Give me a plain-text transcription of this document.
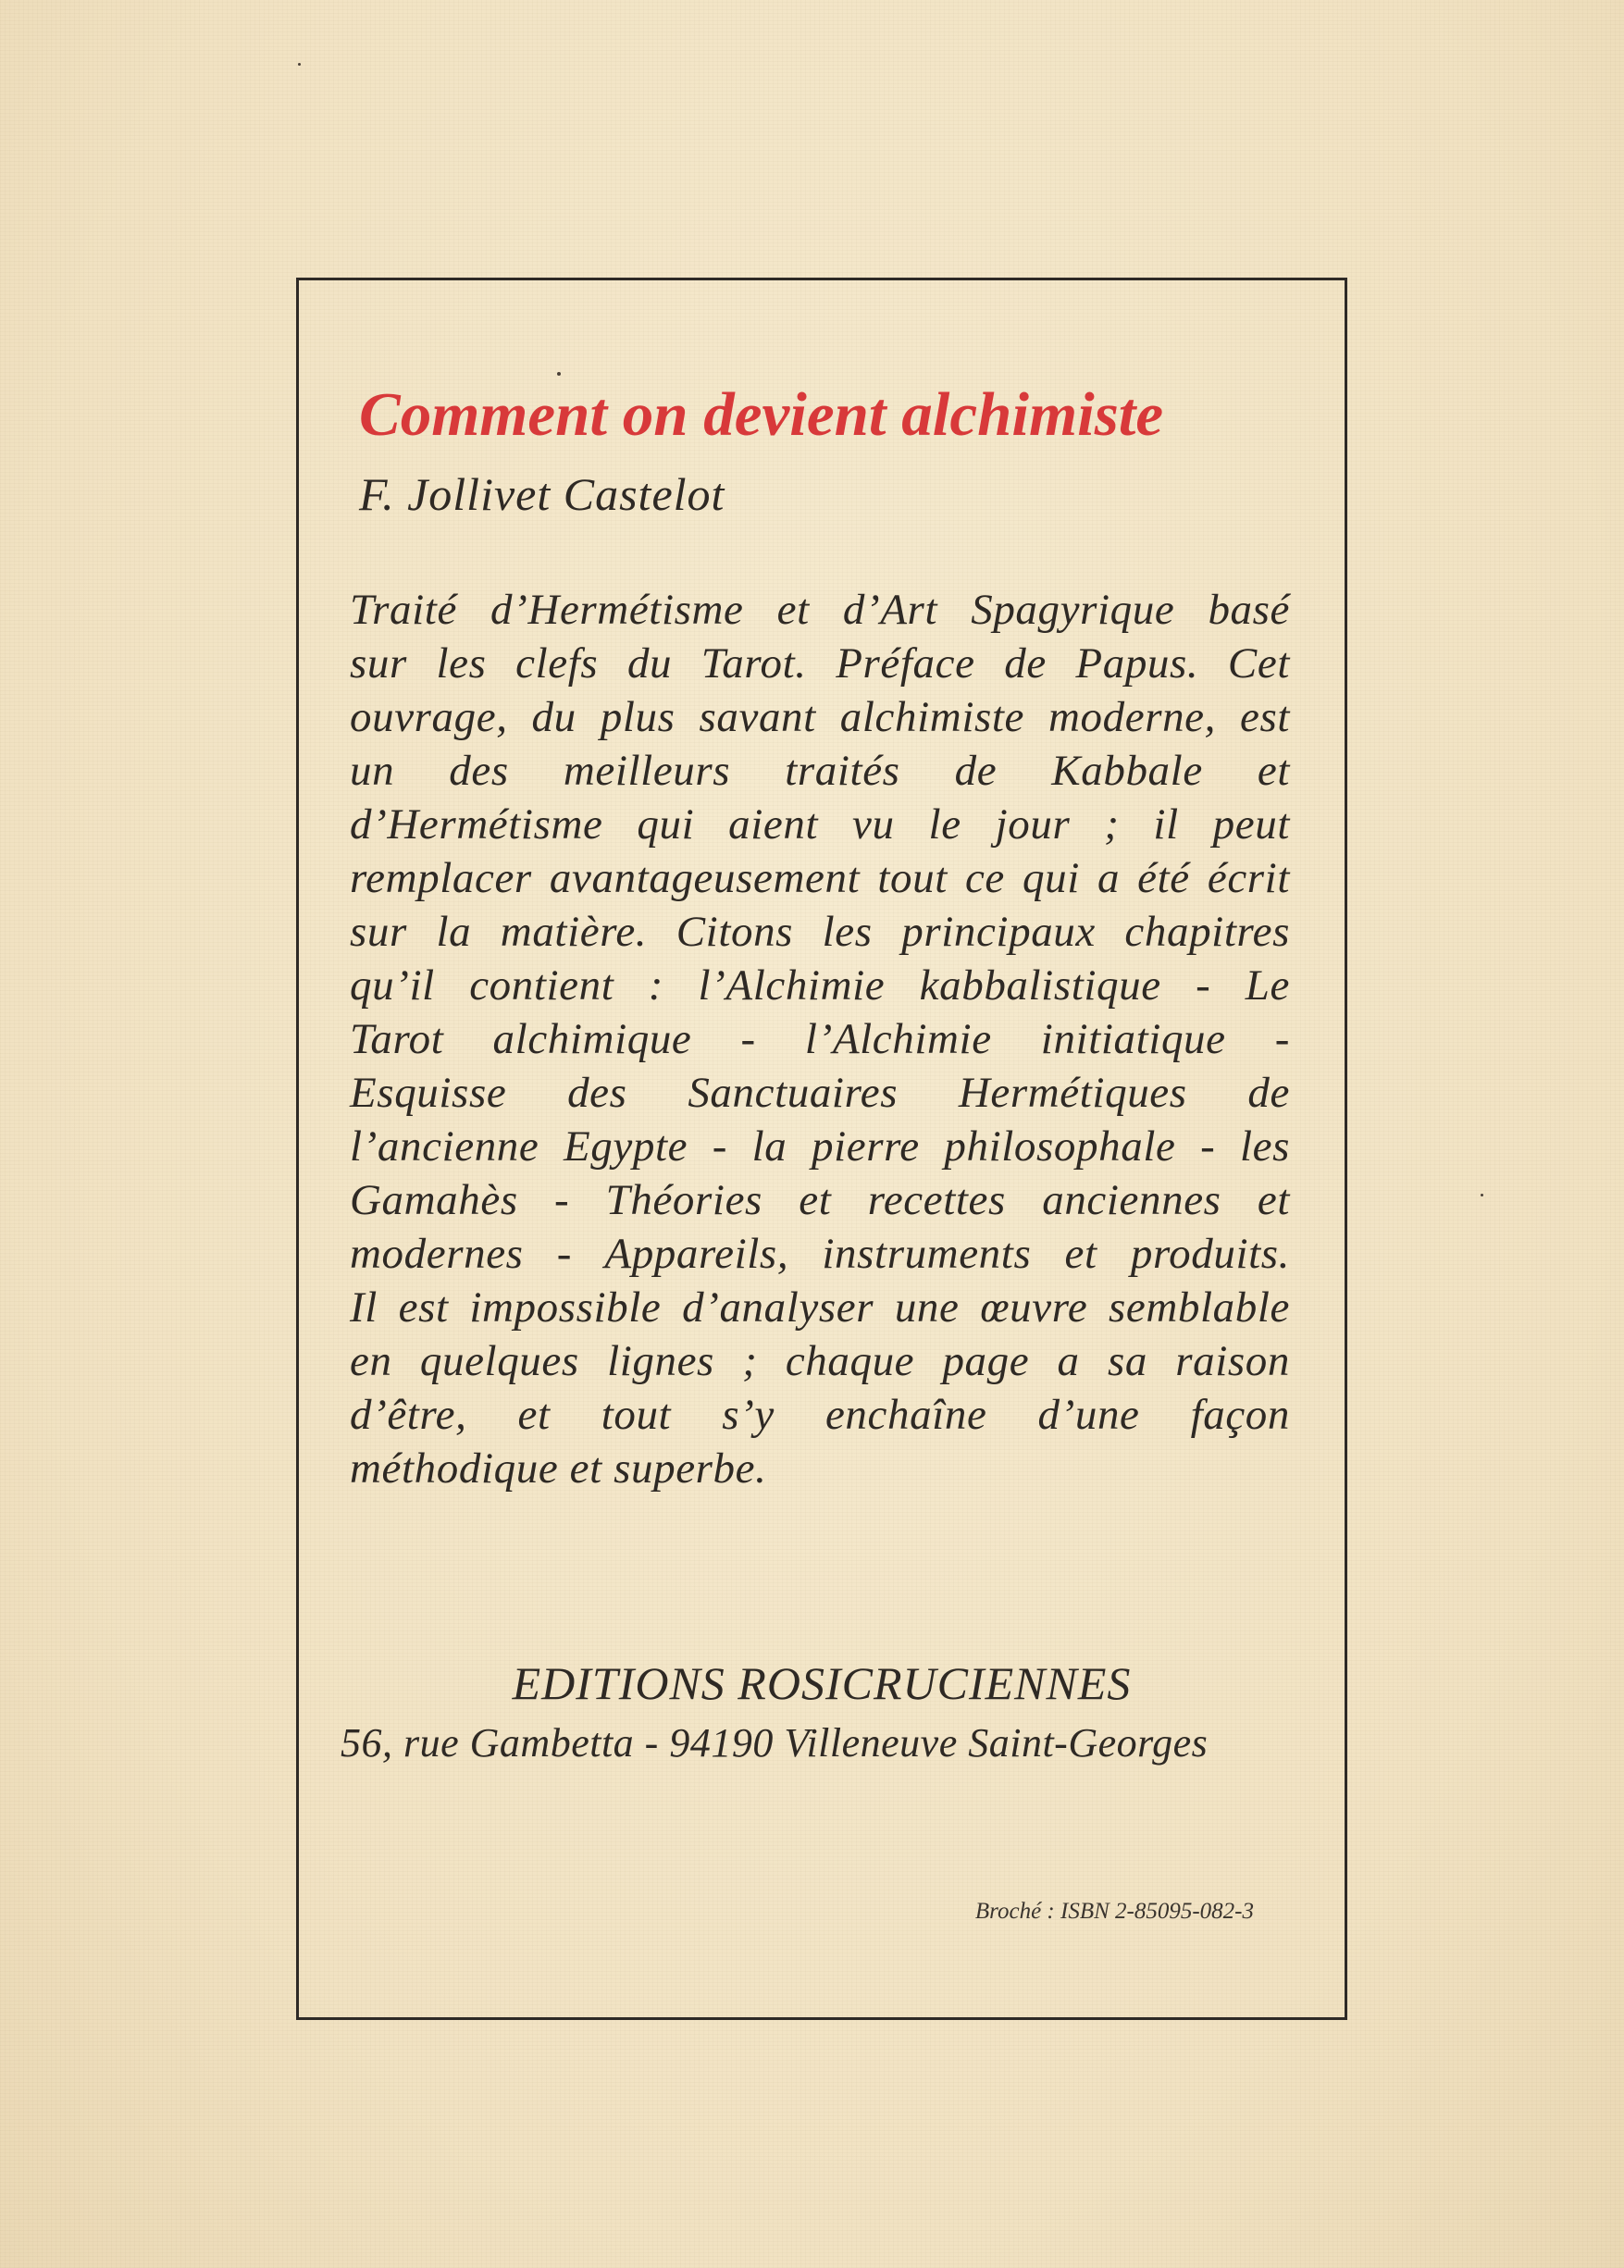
Comment on devient alchimiste

F. Jollivet Castelot

Traité d’Hermétisme et d’Art Spagyrique basé
sur les clefs du Tarot. Préface de Papus. Cet
ouvrage, du plus savant alchimiste moderne, est
un des meilleurs traités de Kabbale et
d’Hermétisme qui aient vu le jour ; il peut
remplacer avantageusement tout ce qui a été écrit
sur la matière. Citons les principaux chapitres
qu’il contient : l’Alchimie kabbalistique - Le
Tarot alchimique - l’Alchimie initiatique -
Esquisse des Sanctuaires Hermétiques de
l’ancienne Egypte - la pierre philosophale - les
Gamahès - Théories et recettes anciennes et
modernes - Appareils, instruments et produits.
Il est impossible d’analyser une œuvre semblable
en quelques lignes ; chaque page a sa raison
d’être, et tout s’y enchaîne d’une façon
méthodique et superbe.

EDITIONS ROSICRUCIENNES

56, rue Gambetta - 94190 Villeneuve Saint-Georges

Broché : ISBN 2-85095-082-3
